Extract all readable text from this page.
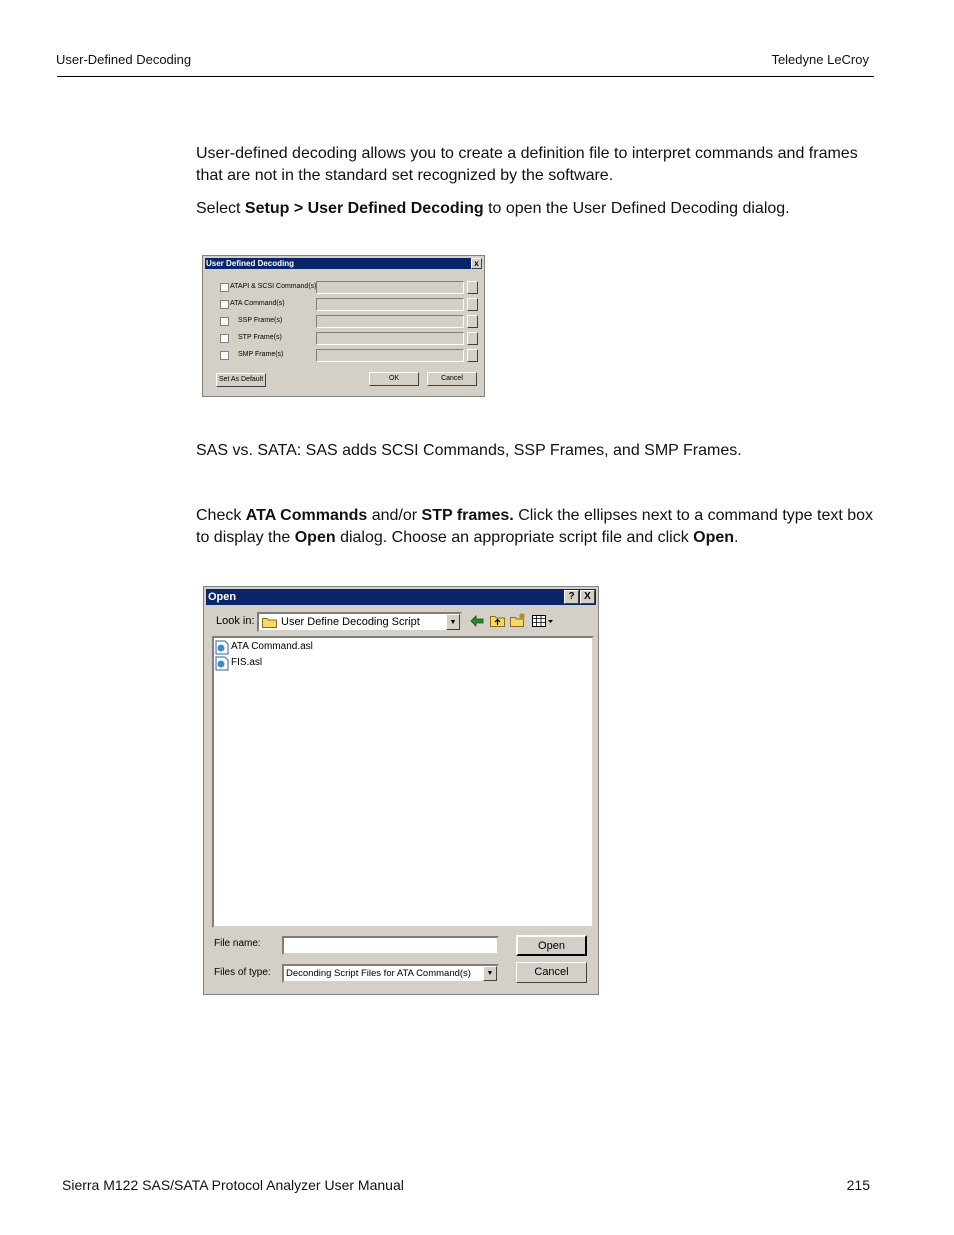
User-Defined Decoding	Teledyne LeCroy
User-defined decoding allows you to create a definition file to interpret commands and frames that are not in the standard set recognized by the software.
Select Setup > User Defined Decoding to open the User Defined Decoding dialog.
User Defined Decoding	x
ATAPI & SCSI Command(s)
ATA Command(s)
SSP Frame(s)
STP Frame(s)
SMP Frame(s)
Set As Default	OK	Cancel
SAS vs. SATA: SAS adds SCSI Commands, SSP Frames, and SMP Frames.
Check ATA Commands and/or STP frames. Click the ellipses next to a command type text box to display the Open dialog. Choose an appropriate script file and click Open.
Open	? X
Look in: User Define Decoding Script	▼
ATA Command.asl
FIS.asl
File name:
Files of type: Deconding Script Files for ATA Command(s)	▼
Open
Cancel
Sierra M122 SAS/SATA Protocol Analyzer User Manual	215
